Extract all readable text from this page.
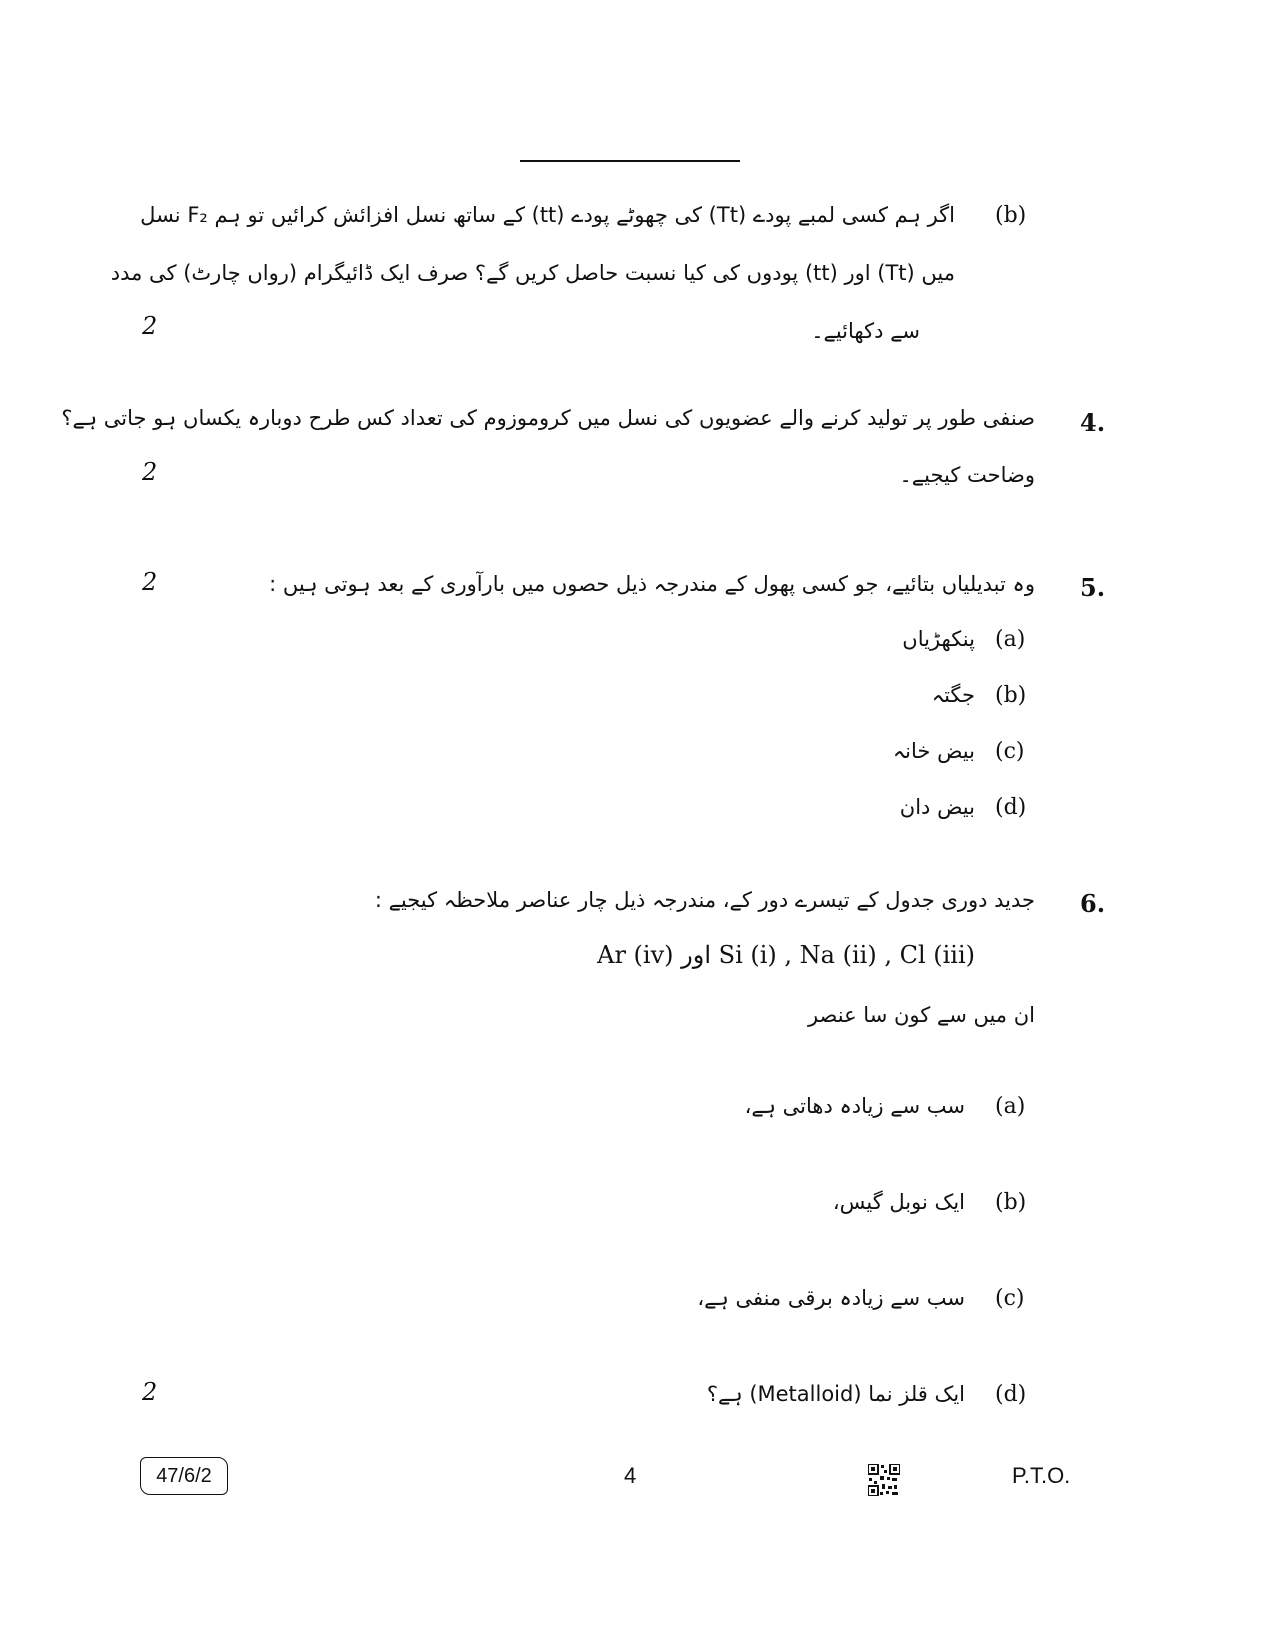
(b)
اگر ہم کسی لمبے پودے (Tt) کی چھوٹے پودے (tt) کے ساتھ نسل افزائش کرائیں تو ہم F₂ نسل
میں (Tt) اور (tt) پودوں کی کیا نسبت حاصل کریں گے؟ صرف ایک ڈائیگرام (رواں چارٹ) کی مدد
سے دکھائیے۔
2
4.
صنفی طور پر تولید کرنے والے عضویوں کی نسل میں کروموزوم کی تعداد کس طرح دوبارہ یکساں ہو جاتی ہے؟
وضاحت کیجیے۔
2
5.
وہ تبدیلیاں بتائیے، جو کسی پھول کے مندرجہ ذیل حصوں میں بارآوری کے بعد ہوتی ہیں :
2
(a)
پنکھڑیاں
(b)
جگتہ
(c)
بیض خانہ
(d)
بیض دان
6.
جدید دوری جدول کے تیسرے دور کے، مندرجہ ذیل چار عناصر ملاحظہ کیجیے :
Si (i) , Na (ii) , Cl (iii) اور Ar (iv)
ان میں سے کون سا عنصر
(a)
سب سے زیادہ دھاتی ہے،
(b)
ایک نوبل گیس،
(c)
سب سے زیادہ برقی منفی ہے،
(d)
ایک قلز نما (Metalloid) ہے؟
2
47/6/2	4	P.T.O.
